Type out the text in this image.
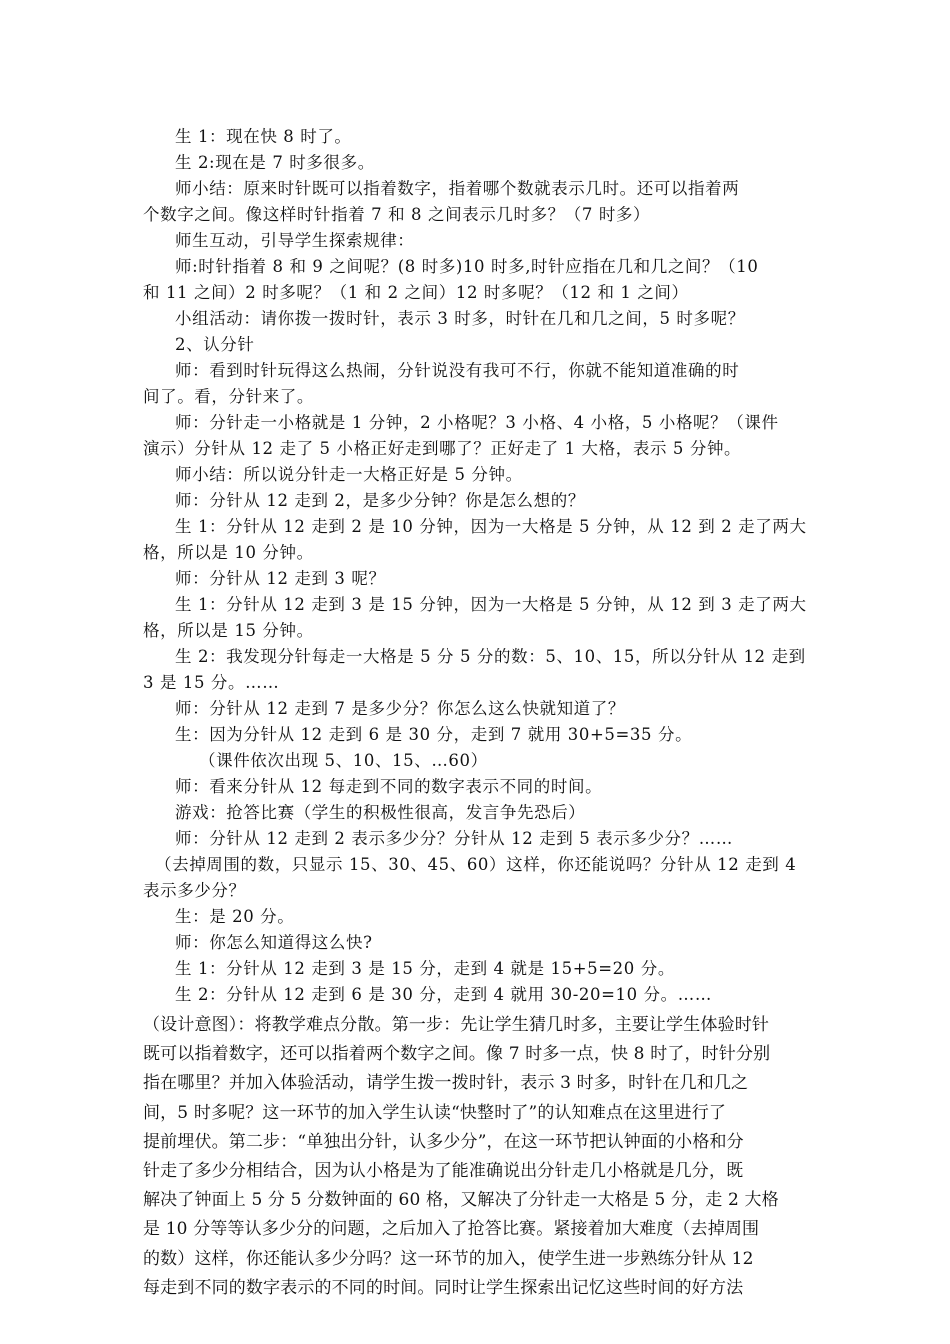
生 1：现在快 8 时了。
生 2:现在是 7 时多很多。
师小结：原来时针既可以指着数字，指着哪个数就表示几时。还可以指着两
个数字之间。像这样时针指着 7 和 8 之间表示几时多？（7 时多）
师生互动，引导学生探索规律：
师:时针指着 8 和 9 之间呢？(8 时多)10 时多,时针应指在几和几之间？（10
和 11 之间）2 时多呢？（1 和 2 之间）12 时多呢？（12 和 1 之间）
小组活动：请你拨一拨时针，表示 3 时多，时针在几和几之间，5 时多呢？
2、认分针
师：看到时针玩得这么热闹，分针说没有我可不行，你就不能知道准确的时
间了。看，分针来了。
师：分针走一小格就是 1 分钟，2 小格呢？3 小格、4 小格，5 小格呢？（课件
演示）分针从 12 走了 5 小格正好走到哪了？正好走了 1 大格，表示 5 分钟。
师小结：所以说分针走一大格正好是 5 分钟。
师：分针从 12 走到 2，是多少分钟？你是怎么想的？
生 1：分针从 12 走到 2 是 10 分钟，因为一大格是 5 分钟，从 12 到 2 走了两大
格，所以是 10 分钟。
师：分针从 12 走到 3 呢？
生 1：分针从 12 走到 3 是 15 分钟，因为一大格是 5 分钟，从 12 到 3 走了两大
格，所以是 15 分钟。
生 2：我发现分针每走一大格是 5 分 5 分的数：5、10、15，所以分针从 12 走到
3 是 15 分。……
师：分针从 12 走到 7 是多少分？你怎么这么快就知道了？
生：因为分针从 12 走到 6 是 30 分，走到 7 就用 30+5=35 分。
（课件依次出现 5、10、15、…60）
师：看来分针从 12 每走到不同的数字表示不同的时间。
游戏：抢答比赛（学生的积极性很高，发言争先恐后）
师：分针从 12 走到 2 表示多少分？分针从 12 走到 5 表示多少分？……
（去掉周围的数，只显示 15、30、45、60）这样，你还能说吗？分针从 12 走到 4
表示多少分？
生：是 20 分。
师：你怎么知道得这么快?
生 1：分针从 12 走到 3 是 15 分，走到 4 就是 15+5=20 分。
生 2：分针从 12 走到 6 是 30 分，走到 4 就用 30-20=10 分。……
（设计意图）：将教学难点分散。第一步：先让学生猜几时多，主要让学生体验时针
既可以指着数字，还可以指着两个数字之间。像 7 时多一点，快 8 时了，时针分别
指在哪里？并加入体验活动，请学生拨一拨时针，表示 3 时多，时针在几和几之
间，5 时多呢？这一环节的加入学生认读“快整时了”的认知难点在这里进行了
提前埋伏。第二步：“单独出分针，认多少分”，在这一环节把认钟面的小格和分
针走了多少分相结合，因为认小格是为了能准确说出分针走几小格就是几分，既
解决了钟面上 5 分 5 分数钟面的 60 格，又解决了分针走一大格是 5 分，走 2 大格
是 10 分等等认多少分的问题，之后加入了抢答比赛。紧接着加大难度（去掉周围
的数）这样，你还能认多少分吗？这一环节的加入，使学生进一步熟练分针从 12
每走到不同的数字表示的不同的时间。同时让学生探索出记忆这些时间的好方法
